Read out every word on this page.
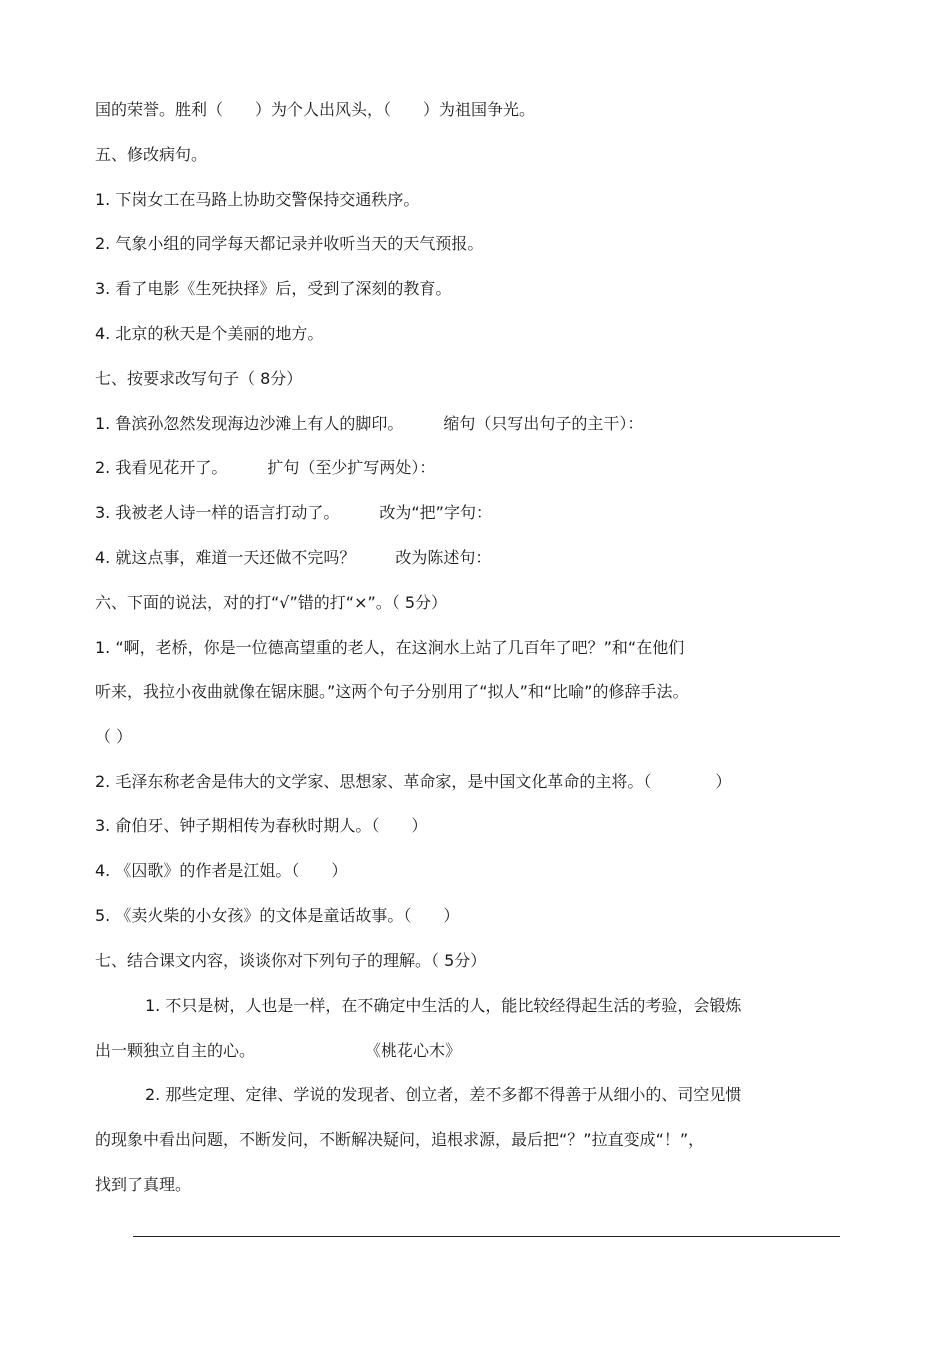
国的荣誉。胜利（　　）为个人出风头，（　　）为祖国争光。
五、修改病句。
1. 下岗女工在马路上协助交警保持交通秩序。
2. 气象小组的同学每天都记录并收听当天的天气预报。
3. 看了电影《生死抉择》后，受到了深刻的教育。
4. 北京的秋天是个美丽的地方。
七、按要求改写句子（ 8分）
1. 鲁滨孙忽然发现海边沙滩上有人的脚印。	缩句（只写出句子的主干）：
2. 我看见花开了。	扩句（至少扩写两处）：
3. 我被老人诗一样的语言打动了。	改为“把”字句：
4. 就这点事，难道一天还做不完吗？	改为陈述句：
六、下面的说法，对的打“√”错的打“×”。（ 5分）
1. “啊，老桥，你是一位德高望重的老人，在这涧水上站了几百年了吧？”和“在他们
听来，我拉小夜曲就像在锯床腿。”这两个句子分别用了“拟人”和“比喻”的修辞手法。
（ ）
2. 毛泽东称老舍是伟大的文学家、思想家、革命家，是中国文化革命的主将。（　　　　）
3. 俞伯牙、钟子期相传为春秋时期人。（　　）
4. 《囚歌》的作者是江姐。（　　）
5. 《卖火柴的小女孩》的文体是童话故事。（　　）
七、结合课文内容，谈谈你对下列句子的理解。（ 5分）
1. 不只是树，人也是一样，在不确定中生活的人，能比较经得起生活的考验，会锻炼
出一颗独立自主的心。	《桃花心木》
2. 那些定理、定律、学说的发现者、创立者，差不多都不得善于从细小的、司空见惯
的现象中看出问题，不断发问，不断解决疑问，追根求源，最后把“？”拉直变成“！”，
找到了真理。
